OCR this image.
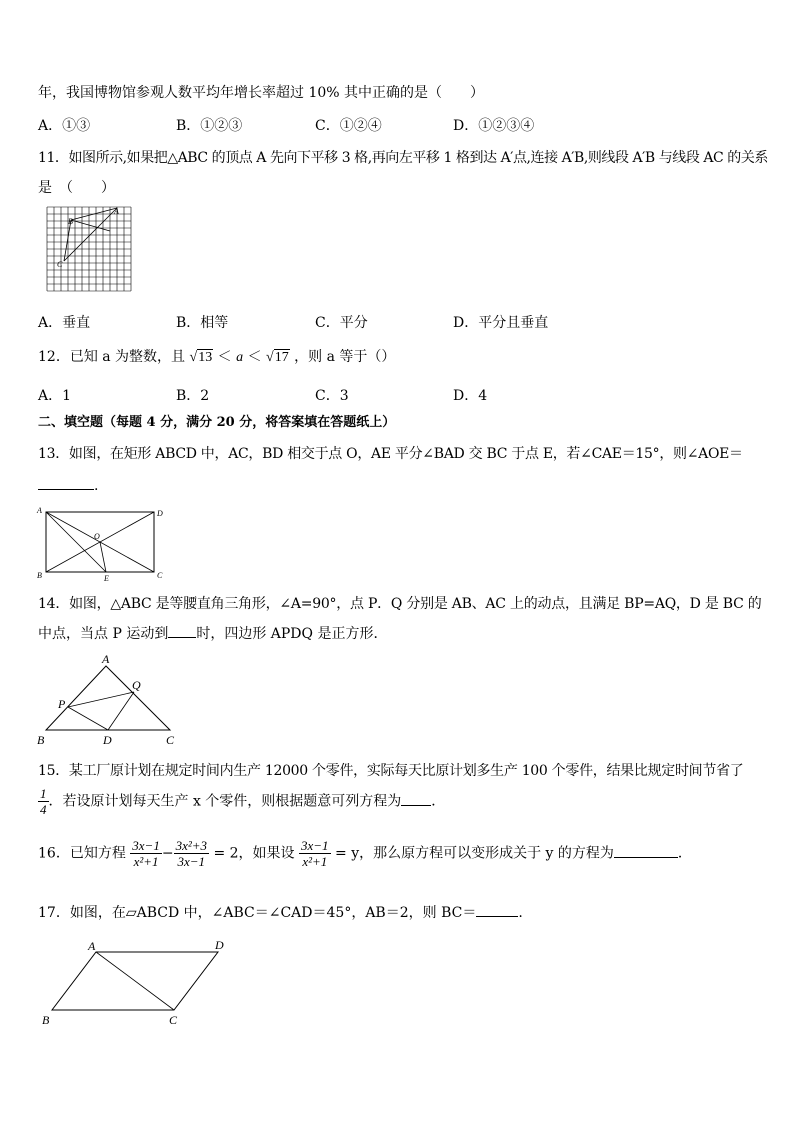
年，我国博物馆参观人数平均年增长率超过 10% 其中正确的是（　　）
A．①③	B．①②③	C．①②④	D．①②③④
11．如图所示,如果把△ABC 的顶点 A 先向下平移 3 格,再向左平移 1 格到达 A′点,连接 A′B,则线段 A′B 与线段 AC 的关系
是　（　　）
A
B
C
A．垂直	B．相等	C．平分	D．平分且垂直
12．已知 a 为整数，且 √13 ＜ a ＜ √17 ，则 a 等于（）
A．1	B．2	C．3	D．4
二、填空题（每题 4 分，满分 20 分，将答案填在答题纸上）
13．如图，在矩形 ABCD 中，AC，BD 相交于点 O，AE 平分∠BAD 交 BC 于点 E，若∠CAE＝15°，则∠AOE＝
.
A	D
B	C
O
E
14．如图，△ABC 是等腰直角三角形，∠A=90°，点 P．Q 分别是 AB、AC 上的动点，且满足 BP=AQ，D 是 BC 的
中点，当点 P 运动到 时，四边形 APDQ 是正方形．
A
Q
P
B	D	C
15．某工厂原计划在规定时间内生产 12000 个零件，实际每天比原计划多生产 100 个零件，结果比规定时间节省了
$\frac{1}{4}$ ．若设原计划每天生产 x 个零件，则根据题意可列方程为 ．
16．已知方程 $\frac{3x-1}{\text{x²+1}} - \frac{\text{3x²+3}}{3x-1} = 2$，如果设 $\frac{3x-1}{\text{x²+1}} = y$，那么原方程可以变形成关于 y 的方程为	．
17．如图，在▱ABCD 中，∠ABC＝∠CAD＝45°，AB＝2，则 BC＝	.
A	D
B	C
